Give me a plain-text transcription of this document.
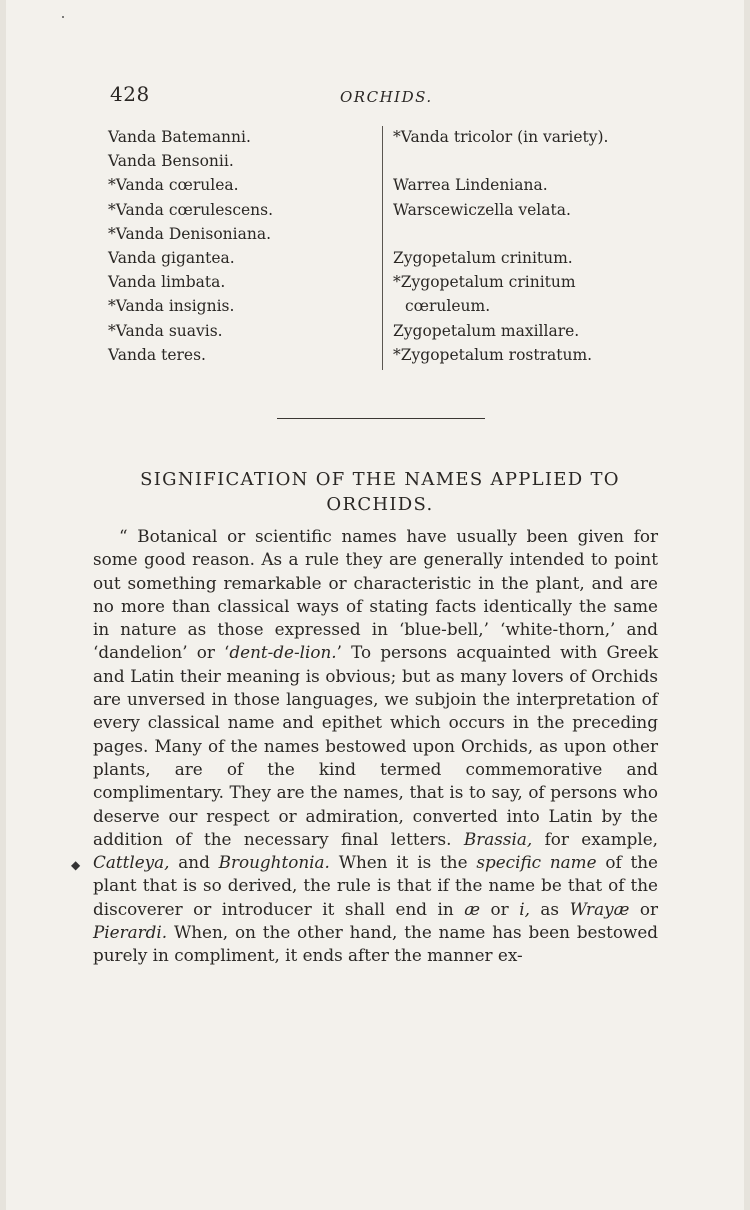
428	ORCHIDS.
Vanda Batemanni.
Vanda Bensonii.
*Vanda cœrulea.
*Vanda cœrulescens.
*Vanda Denisoniana.
Vanda gigantea.
Vanda limbata.
*Vanda insignis.
*Vanda suavis.
Vanda teres.
*Vanda tricolor (in variety).
Warrea Lindeniana.
Warscewiczella velata.
Zygopetalum crinitum.
*Zygopetalum crinitum cœruleum.
Zygopetalum maxillare.
*Zygopetalum rostratum.
SIGNIFICATION OF THE NAMES APPLIED TO ORCHIDS.

“ Botanical or scientific names have usually been given for some good reason. As a rule they are generally intended to point out something remarkable or characteristic in the plant, and are no more than classical ways of stating facts identically the same in nature as those expressed in ‘blue-bell,’ ‘white-thorn,’ and ‘dandelion’ or ‘dent-de-lion.’ To persons acquainted with Greek and Latin their meaning is obvious; but as many lovers of Orchids are unversed in those languages, we subjoin the interpretation of every classical name and epithet which occurs in the preceding pages. Many of the names bestowed upon Orchids, as upon other plants, are of the kind termed commemorative and complimentary. They are the names, that is to say, of persons who deserve our respect or admiration, converted into Latin by the addition of the necessary final letters. Brassia, for example, Cattleya, and Broughtonia. When it is the specific name of the plant that is so derived, the rule is that if the name be that of the discoverer or introducer it shall end in æ or i, as Wrayæ or Pierardi. When, on the other hand, the name has been bestowed purely in compliment, it ends after the manner ex-

◆
